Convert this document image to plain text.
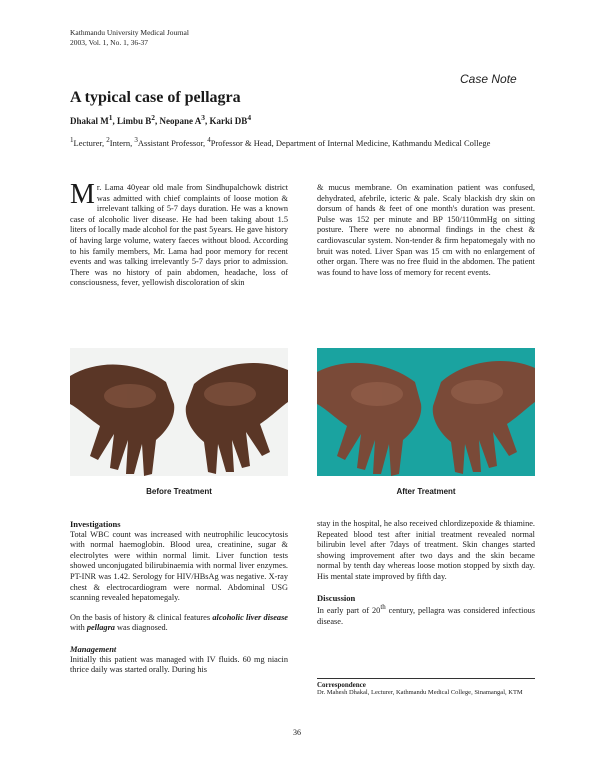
Kathmandu University Medical Journal
2003, Vol. 1, No. 1, 36-37
Case Note
A typical case of pellagra
Dhakal $M^1$, Limbu $B^2$, Neopane $A^3$, Karki $DB^4$
$^1$Lecturer, $^2$Intern, $^3$Assistant Professor, $^4$Professor & Head, Department of Internal Medicine, Kathmandu Medical College
Mr. Lama 40year old male from Sindhupalchowk district was admitted with chief complaints of loose motion & irrelevant talking of 5-7 days duration. He was a known case of alcoholic liver disease. He had been taking about 1.5 liters of locally made alcohol for the past 5years. He gave history of having large volume, watery faeces without blood. According to his family members, Mr. Lama had poor memory for recent events and was talking irrelevantly 5-7 days prior to admission. There was no history of pain abdomen, headache, loss of consciousness, fever, yellowish discoloration of skin
& mucus membrane. On examination patient was confused, dehydrated, afebrile, icteric & pale. Scaly blackish dry skin on dorsum of hands & feet of one month's duration was present. Pulse was 152 per minute and BP 150/110mmHg on sitting posture. There were no abnormal findings in the chest & cardiovascular system. Non-tender & firm hepatomegaly with no bruit was noted. Liver Span was 15 cm with no enlargement of other organ. There was no free fluid in the abdomen. The patient was found to have loss of memory for recent events.
Before Treatment	After Treatment
Investigations

Total WBC count was increased with neutrophilic leucocytosis with normal haemoglobin. Blood urea, creatinine, sugar & electrolytes were within normal limit. Liver function tests showed unconjugated bilirubinaemia with normal liver enzymes. PT-INR was 1.42. Serology for HIV/HBsAg was negative. X-ray chest & electrocardiogram were normal. Abdominal USG scanning revealed hepatomegaly.

On the basis of history & clinical features alcoholic liver disease with pellagra was diagnosed.

Management

Initially this patient was managed with IV fluids. 60 mg niacin thrice daily was started orally. During his

stay in the hospital, he also received chlordizepoxide & thiamine. Repeated blood test after initial treatment revealed normal bilirubin level after 7days of treatment. Skin changes started showing improvement after two days and the skin became normal by tenth day whereas loose motion stopped by sixth day. His mental state improved by fifth day.

Discussion

In early part of 20th century, pellagra was considered infectious disease.

Correspondence
Dr. Mahesh Dhakal, Lecturer, Kathmandu Medical College, Sinamangal, KTM
36
